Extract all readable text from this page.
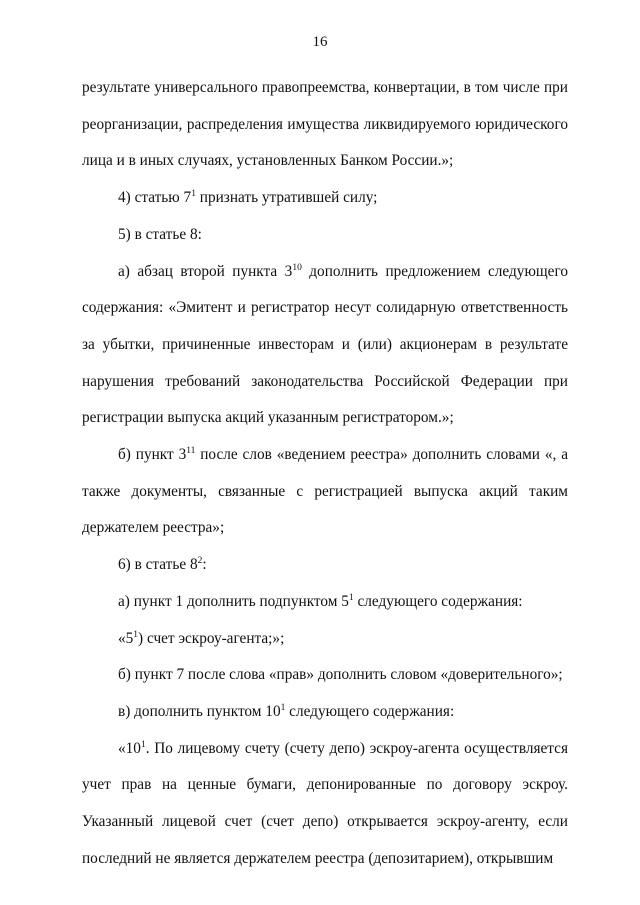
16

результате универсального правопреемства, конвертации, в том числе при реорганизации, распределения имущества ликвидируемого юридического лица и в иных случаях, установленных Банком России.»;

4) статью $7^1$ признать утратившей силу;

5) в статье 8:

а) абзац второй пункта $3^{10}$ дополнить предложением следующего содержания: «Эмитент и регистратор несут солидарную ответственность за убытки, причиненные инвесторам и (или) акционерам в результате нарушения требований законодательства Российской Федерации при регистрации выпуска акций указанным регистратором.»;

б) пункт $3^{11}$ после слов «ведением реестра» дополнить словами «, а также документы, связанные с регистрацией выпуска акций таким держателем реестра»;

6) в статье $8^2$:

а) пункт 1 дополнить подпунктом $5^1$ следующего содержания:

«$5^1$) счет эскроу-агента;»;

б) пункт 7 после слова «прав» дополнить словом «доверительного»;

в) дополнить пунктом $10^1$ следующего содержания:

«$10^1$. По лицевому счету (счету депо) эскроу-агента осуществляется учет прав на ценные бумаги, депонированные по договору эскроу. Указанный лицевой счет (счет депо) открывается эскроу-агенту, если последний не является держателем реестра (депозитарием), открывшим
